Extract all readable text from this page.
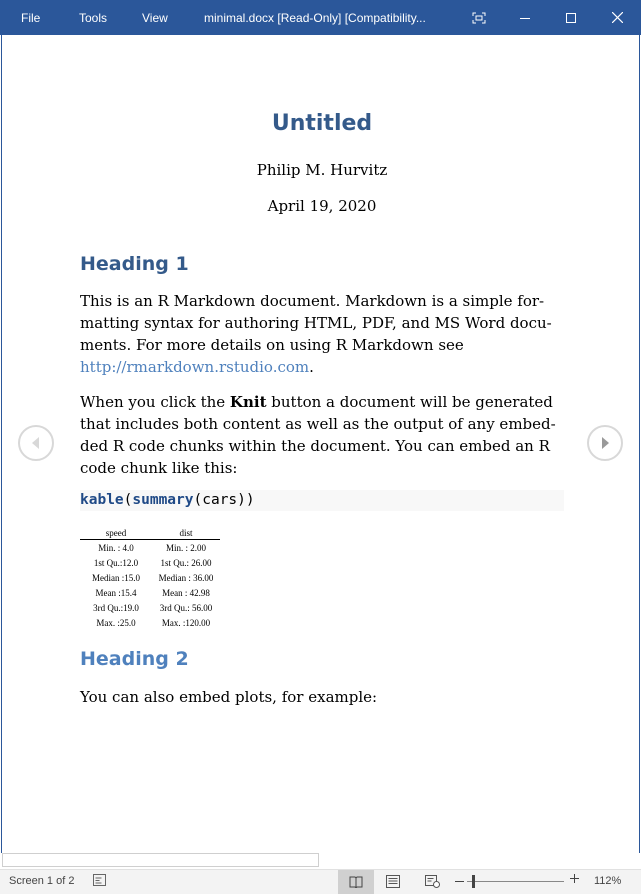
File	Tools	View	minimal.docx [Read-Only] [Compatibility...
Untitled
Philip M. Hurvitz
April 19, 2020
Heading 1
This is an R Markdown document. Markdown is a simple for-matting syntax for authoring HTML, PDF, and MS Word docu-ments. For more details on using R Markdown see http://rmarkdown.rstudio.com.
When you click the Knit button a document will be generated that includes both content as well as the output of any embed-ded R code chunks within the document. You can embed an R code chunk like this:
kable(summary(cars))
speed	dist
Min. : 4.0	Min. : 2.00
1st Qu.:12.0	1st Qu.: 26.00
Median :15.0	Median : 36.00
Mean :15.4	Mean : 42.98
3rd Qu.:19.0	3rd Qu.: 56.00
Max. :25.0	Max. :120.00
Heading 2
You can also embed plots, for example:
Screen 1 of 2	112%
